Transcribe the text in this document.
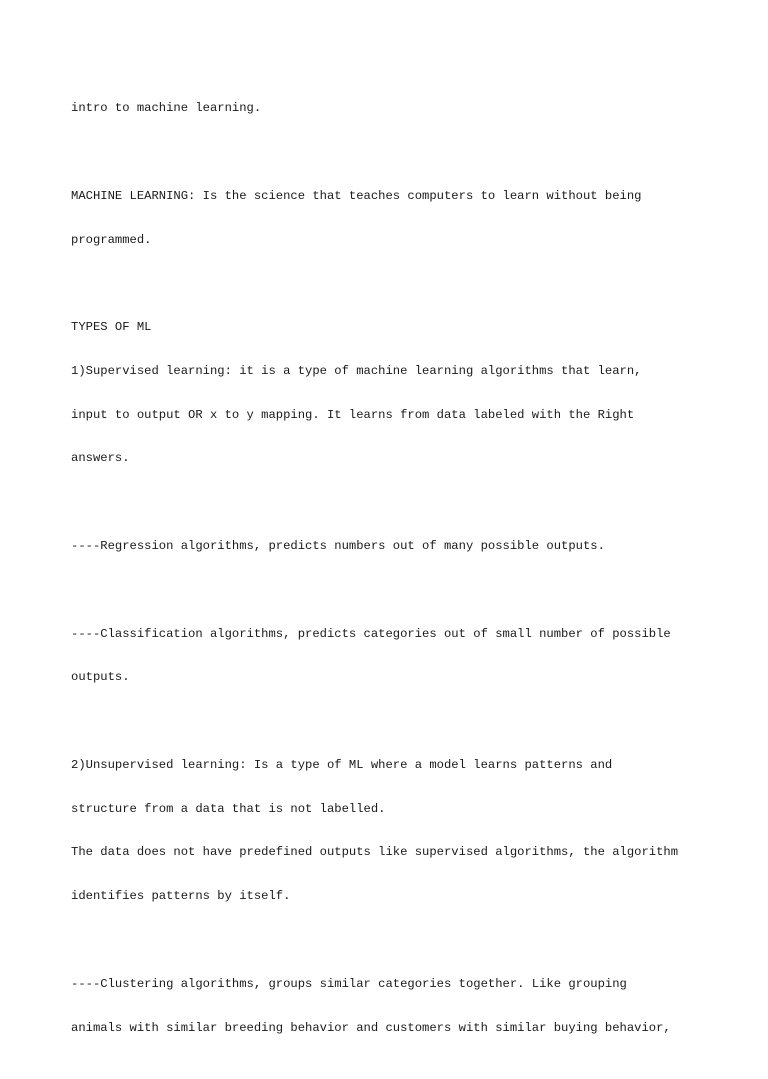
intro to machine learning.

MACHINE LEARNING: Is the science that teaches computers to learn without being

programmed.

TYPES OF ML

1)Supervised learning: it is a type of machine learning algorithms that learn,

input to output OR x to y mapping. It learns from data labeled with the Right

answers.

----Regression algorithms, predicts numbers out of many possible outputs.

----Classification algorithms, predicts categories out of small number of possible

outputs.

2)Unsupervised learning: Is a type of ML where a model learns patterns and

structure from a data that is not labelled.

The data does not have predefined outputs like supervised algorithms, the algorithm

identifies patterns by itself.

----Clustering algorithms, groups similar categories together. Like grouping

animals with similar breeding behavior and customers with similar buying behavior,
